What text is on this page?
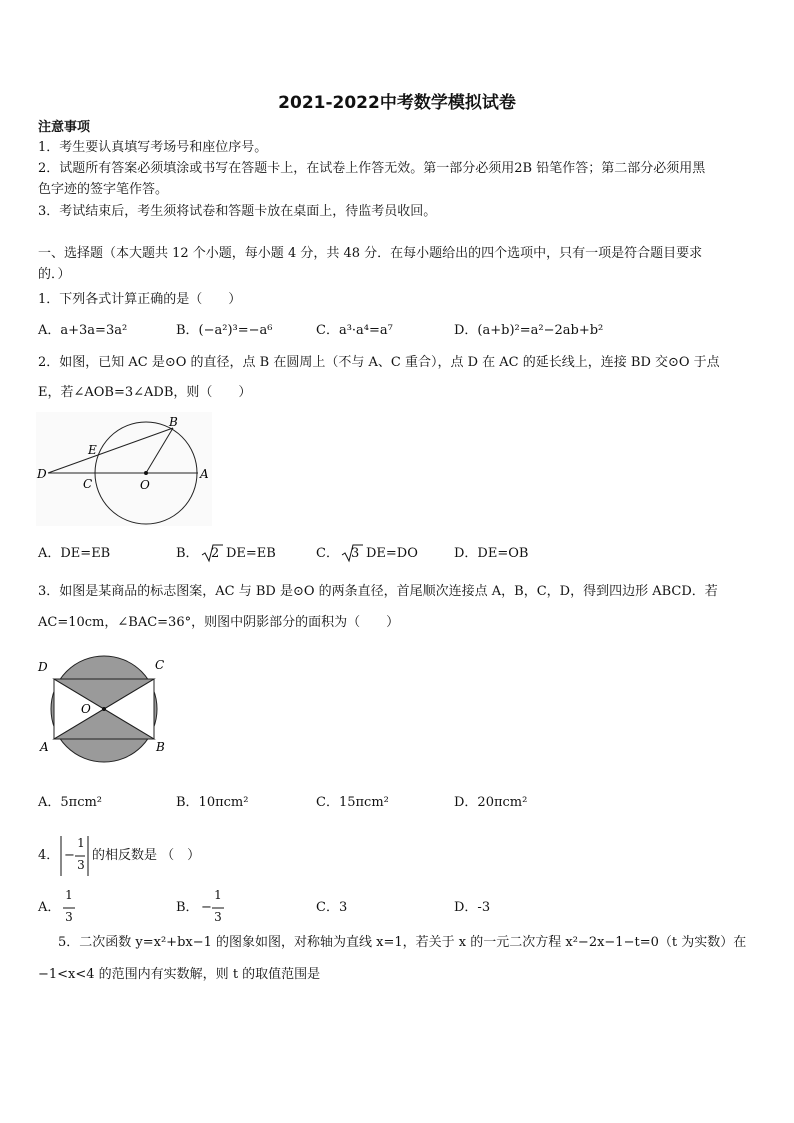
2021-2022中考数学模拟试卷
注意事项
1．考生要认真填写考场号和座位序号。
2．试题所有答案必须填涂或书写在答题卡上，在试卷上作答无效。第一部分必须用2B 铅笔作答；第二部分必须用黑
色字迹的签字笔作答。
3．考试结束后，考生须将试卷和答题卡放在桌面上，待监考员收回。
一、选择题（本大题共 12 个小题，每小题 4 分，共 48 分．在每小题给出的四个选项中，只有一项是符合题目要求
的．）
1．下列各式计算正确的是（　　）
A．a+3a=3a²	B．(−a²)³=−a⁶	C．a³·a⁴=a⁷	D．(a+b)²=a²−2ab+b²
2．如图，已知 AC 是⊙O 的直径，点 B 在圆周上（不与 A、C 重合），点 D 在 AC 的延长线上，连接 BD 交⊙O 于点
E，若∠AOB=3∠ADB，则（　　）
B
E
D
C	O
A
A．DE=EB	B． 2 DE=EB	C． 3 DE=DO	D．DE=OB
3．如图是某商品的标志图案，AC 与 BD 是⊙O 的两条直径，首尾顺次连接点 A，B，C，D，得到四边形 ABCD．若
AC=10cm，∠BAC=36°，则图中阴影部分的面积为（　　）
D	C
O
A	B
A．5πcm²	B．10πcm²	C．15πcm²	D．20πcm²
4． −
1
3
的相反数是 （　）
A．
1
3
B． −
1
3
C．3	D．-3
5．二次函数 y=x²+bx−1 的图象如图，对称轴为直线 x=1，若关于 x 的一元二次方程 x²−2x−1−t=0（t 为实数）在
−1<x<4 的范围内有实数解，则 t 的取值范围是
